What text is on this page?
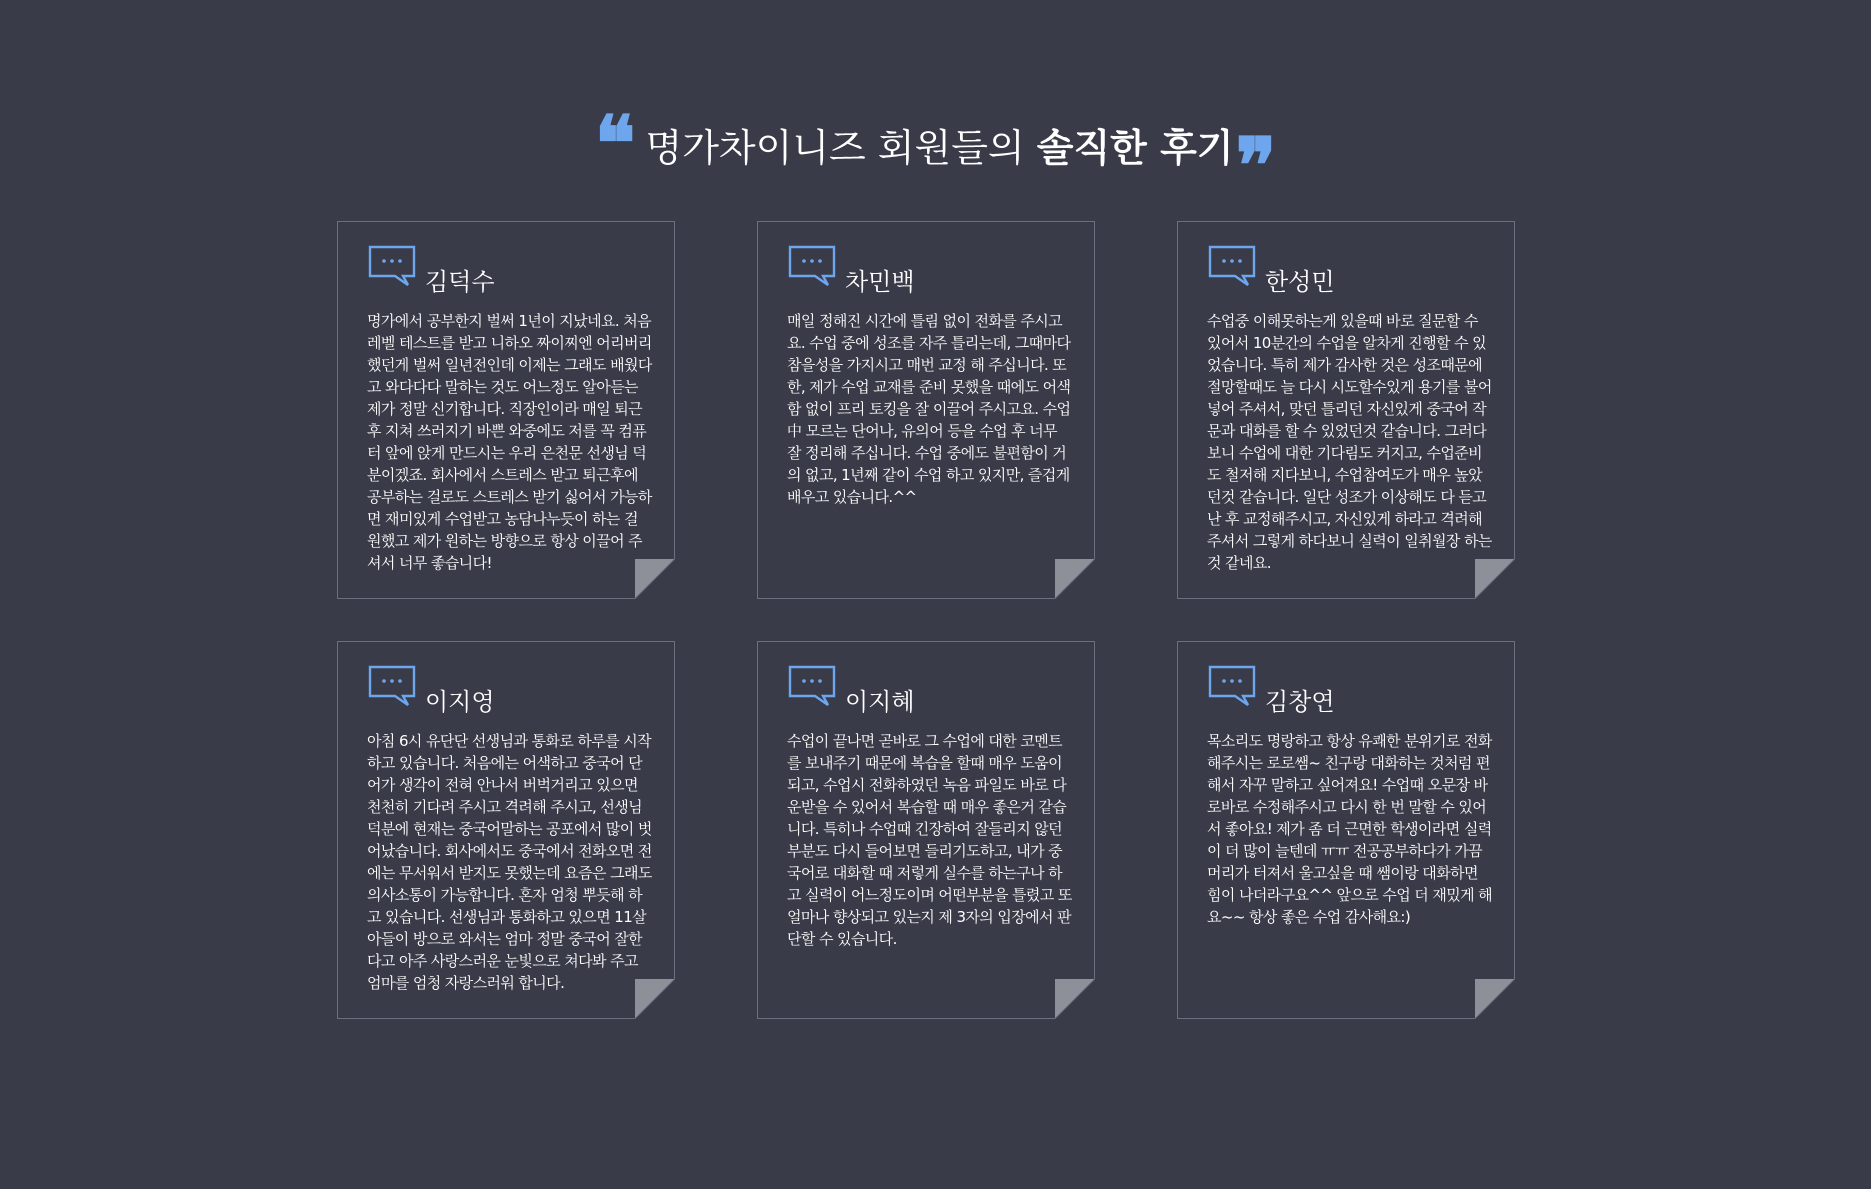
❝ 명가차이니즈 회원들의 솔직한 후기❞
김덕수
명가에서 공부한지 벌써 1년이 지났네요. 처음 레벨 테스트를 받고 니하오 짜이찌엔 어리버리 했던게 벌써 일년전인데 이제는 그래도 배웠다고 와다다다 말하는 것도 어느정도 알아듣는 제가 정말 신기합니다. 직장인이라 매일 퇴근 후 지쳐 쓰러지기 바쁜 와중에도 저를 꼭 컴퓨터 앞에 앉게 만드시는 우리 은천문 선생님 덕분이겠죠. 회사에서 스트레스 받고 퇴근후에 공부하는 걸로도 스트레스 받기 싫어서 가능하면 재미있게 수업받고 농담나누듯이 하는 걸 원했고 제가 원하는 방향으로 항상 이끌어 주셔서 너무 좋습니다!
차민백
매일 정해진 시간에 틀림 없이 전화를 주시고요. 수업 중에 성조를 자주 틀리는데, 그때마다 참을성을 가지시고 매번 교정 해 주십니다. 또한, 제가 수업 교재를 준비 못했을 때에도 어색함 없이 프리 토킹을 잘 이끌어 주시고요. 수업 中 모르는 단어나, 유의어 등을 수업 후 너무 잘 정리해 주십니다. 수업 중에도 불편함이 거의 없고, 1년째 같이 수업 하고 있지만, 즐겁게 배우고 있습니다.^^
한성민
수업중 이해못하는게 있을때 바로 질문할 수 있어서 10분간의 수업을 알차게 진행할 수 있었습니다. 특히 제가 감사한 것은 성조때문에 절망할때도 늘 다시 시도할수있게 용기를 불어 넣어 주셔서, 맞던 틀리던 자신있게 중국어 작문과 대화를 할 수 있었던것 같습니다. 그러다 보니 수업에 대한 기다림도 커지고, 수업준비도 철저해 지다보니, 수업참여도가 매우 높았던것 같습니다. 일단 성조가 이상해도 다 듣고난 후 교정해주시고, 자신있게 하라고 격려해 주셔서 그렇게 하다보니 실력이 일취월장 하는것 같네요.
이지영
아침 6시 유단단 선생님과 통화로 하루를 시작하고 있습니다. 처음에는 어색하고 중국어 단어가 생각이 전혀 안나서 버벅거리고 있으면 천천히 기다려 주시고 격려해 주시고, 선생님 덕분에 현재는 중국어말하는 공포에서 많이 벗어났습니다. 회사에서도 중국에서 전화오면 전에는 무서워서 받지도 못했는데 요즘은 그래도 의사소통이 가능합니다. 혼자 엄청 뿌듯해 하고 있습니다. 선생님과 통화하고 있으면 11살 아들이 방으로 와서는 엄마 정말 중국어 잘한다고 아주 사랑스러운 눈빛으로 쳐다봐 주고 엄마를 엄청 자랑스러워 합니다.
이지혜
수업이 끝나면 곧바로 그 수업에 대한 코멘트를 보내주기 때문에 복습을 할때 매우 도움이 되고, 수업시 전화하였던 녹음 파일도 바로 다운받을 수 있어서 복습할 때 매우 좋은거 같습니다. 특히나 수업때 긴장하여 잘들리지 않던 부분도 다시 들어보면 들리기도하고, 내가 중국어로 대화할 때 저렇게 실수를 하는구나 하고 실력이 어느정도이며 어떤부분을 틀렸고 또 얼마나 향상되고 있는지 제 3자의 입장에서 판단할 수 있습니다.
김창연
목소리도 명랑하고 항상 유쾌한 분위기로 전화해주시는 로로쌤~ 친구랑 대화하는 것처럼 편해서 자꾸 말하고 싶어져요! 수업때 오문장 바로바로 수정해주시고 다시 한 번 말할 수 있어서 좋아요! 제가 좀 더 근면한 학생이라면 실력이 더 많이 늘텐데 ㅠㅠ 전공공부하다가 가끔 머리가 터져서 울고싶을 때 쌤이랑 대화하면 힘이 나더라구요^^ 앞으로 수업 더 재밌게 해요~~ 항상 좋은 수업 감사해요:)
